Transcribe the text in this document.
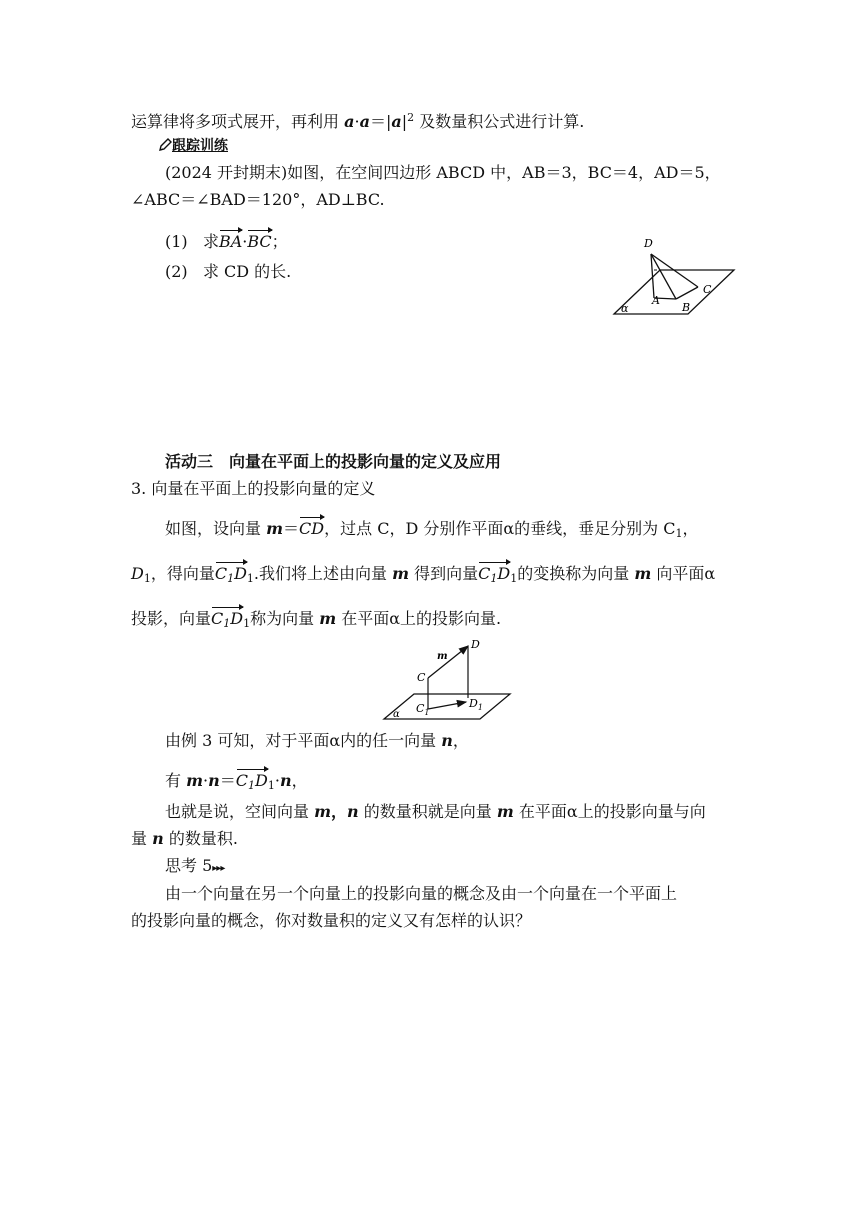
运算律将多项式展开，再利用 $a\cdot a=|a|^2$ 及数量积公式进行计算.
跟踪训练
(2024 开封期末)如图，在空间四边形 ABCD 中，AB＝3，BC＝4，AD＝5，
∠ABC＝∠BAD＝120°，AD⊥BC.
(1) 求BA·BC；
(2) 求 CD 的长.
D
A
B
C
α
活动三　向量在平面上的投影向量的定义及应用
3. 向量在平面上的投影向量的定义
如图，设向量 m＝CD，过点 C，D 分别作平面α的垂线，垂足分别为 $C_1$，
$D_1$，得向量$C_1D_1$.我们将上述由向量 m 得到向量$C_1D_1$的变换称为向量 m 向平面α
投影，向量$C_1D_1$称为向量 m 在平面α上的投影向量.
D
m
C
$C_1$
$D_1$
α
由例 3 可知，对于平面α内的任一向量 n，
有 $m\cdot n=C_1D_1\cdot n$，
也就是说，空间向量 m，n 的数量积就是向量 m 在平面α上的投影向量与向
量 n 的数量积.
思考 5▸▸▸
由一个向量在另一个向量上的投影向量的概念及由一个向量在一个平面上
的投影向量的概念，你对数量积的定义又有怎样的认识？
